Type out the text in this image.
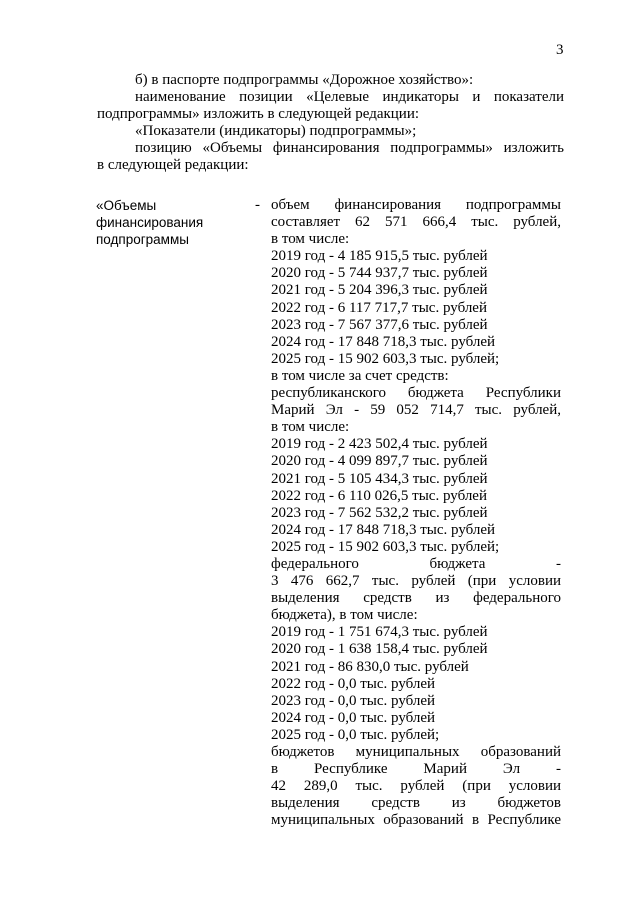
3

б) в паспорте подпрограммы «Дорожное хозяйство»:

наименование позиции «Целевые индикаторы и показатели

подпрограммы» изложить в следующей редакции:

«Показатели (индикаторы) подпрограммы»;

позицию «Объемы финансирования подпрограммы» изложить

в следующей редакции:

«Объемы
финансирования
подпрограммы
- объем финансирования подпрограммы
составляет 62 571 666,4 тыс. рублей,
в том числе:
2019 год - 4 185 915,5 тыс. рублей
2020 год - 5 744 937,7 тыс. рублей
2021 год - 5 204 396,3 тыс. рублей
2022 год - 6 117 717,7 тыс. рублей
2023 год - 7 567 377,6 тыс. рублей
2024 год - 17 848 718,3 тыс. рублей
2025 год - 15 902 603,3 тыс. рублей;
в том числе за счет средств:
республиканского бюджета Республики
Марий Эл - 59 052 714,7 тыс. рублей,
в том числе:
2019 год - 2 423 502,4 тыс. рублей
2020 год - 4 099 897,7 тыс. рублей
2021 год - 5 105 434,3 тыс. рублей
2022 год - 6 110 026,5 тыс. рублей
2023 год - 7 562 532,2 тыс. рублей
2024 год - 17 848 718,3 тыс. рублей
2025 год - 15 902 603,3 тыс. рублей;
федерального бюджета -
3 476 662,7 тыс. рублей (при условии
выделения средств из федерального
бюджета), в том числе:
2019 год - 1 751 674,3 тыс. рублей
2020 год - 1 638 158,4 тыс. рублей
2021 год - 86 830,0 тыс. рублей
2022 год - 0,0 тыс. рублей
2023 год - 0,0 тыс. рублей
2024 год - 0,0 тыс. рублей
2025 год - 0,0 тыс. рублей;
бюджетов муниципальных образований
в Республике Марий Эл -
42 289,0 тыс. рублей (при условии
выделения средств из бюджетов
муниципальных образований в Республике
